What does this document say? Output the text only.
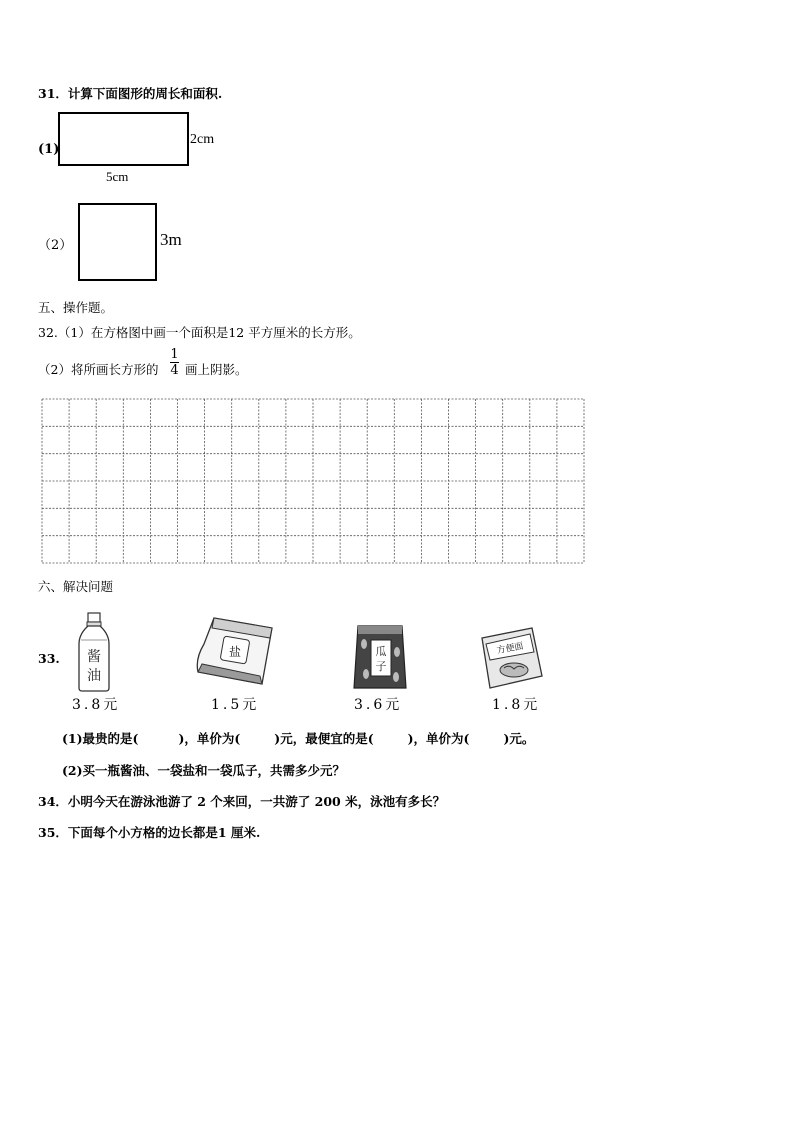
31．计算下面图形的周长和面积.
(1)
2cm
5cm
（2）	3m
五、操作题。
32.（1）在方格图中画一个面积是12 平方厘米的长方形。
（2）将所画长方形的
1
4 画上阴影。
六、解决问题
33. 酱
油
盐	瓜
子
方便面
3.8元	1.5元	3.6元	1.8元
(1)最贵的是(	)，单价为(	)元，最便宜的是(	)，单价为(	)元。
(2)买一瓶酱油、一袋盐和一袋瓜子，共需多少元？
34．小明今天在游泳池游了 2 个来回，一共游了 200 米，泳池有多长？
35．下面每个小方格的边长都是1 厘米.
